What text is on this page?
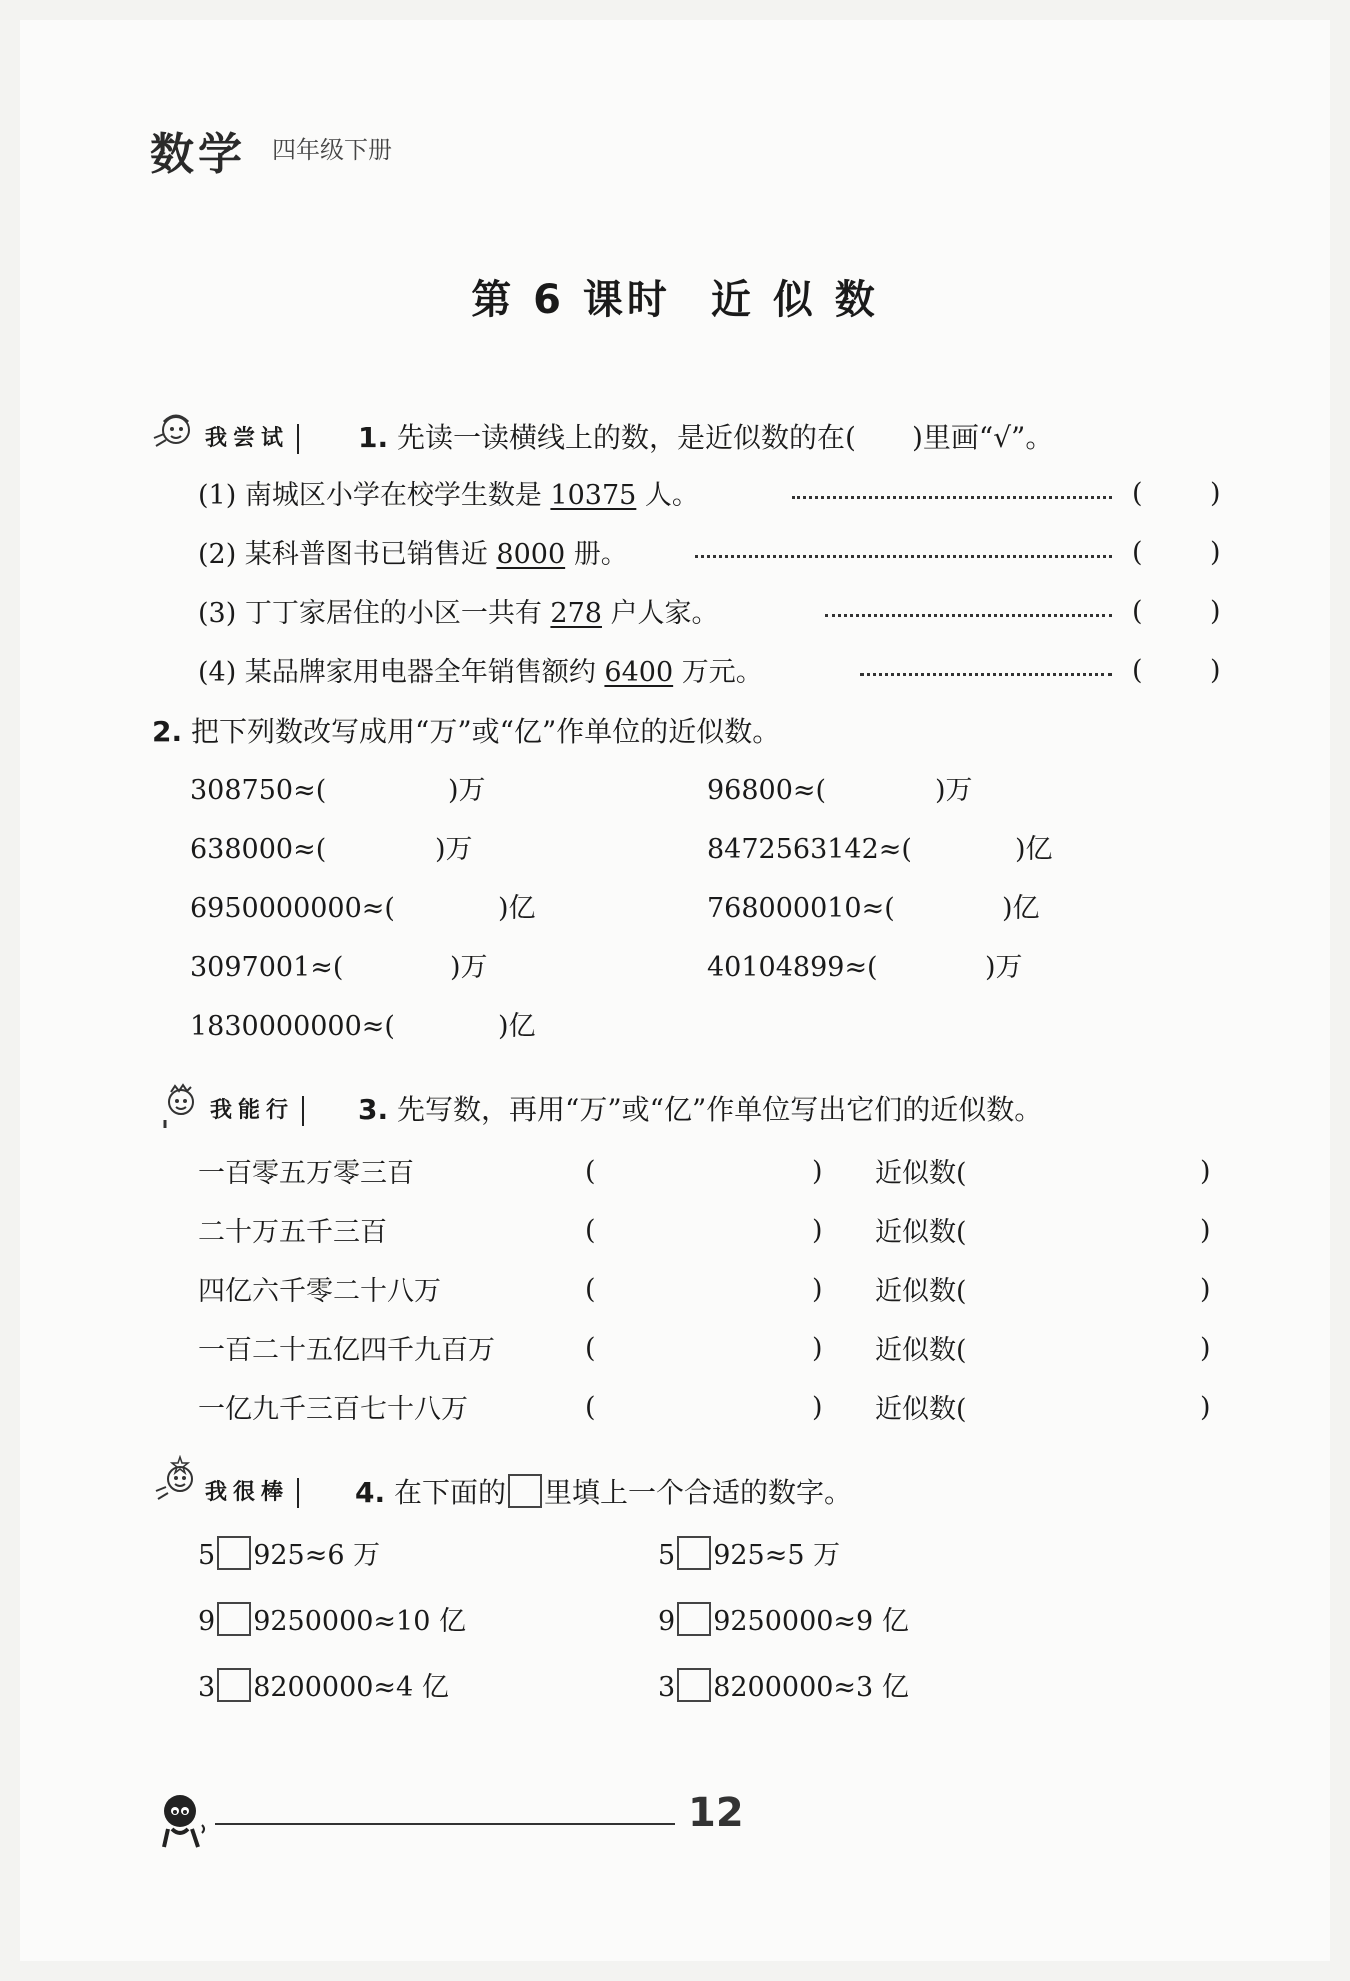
数学 四年级下册
第 6 课时 近 似 数
我尝试	1. 先读一读横线上的数，是近似数的在(　　)里画“√”。
(1) 南城区小学在校学生数是 10375 人。	( )
(2) 某科普图书已销售近 8000 册。	( )
(3) 丁丁家居住的小区一共有 278 户人家。	( )
(4) 某品牌家用电器全年销售额约 6400 万元。	( )
2. 把下列数改写成用“万”或“亿”作单位的近似数。
308750≈(	)万	96800≈(	)万
638000≈(	)万	8472563142≈(	)亿
6950000000≈(	)亿	768000010≈(	)亿
3097001≈(	)万	40104899≈(	)万
1830000000≈(	)亿
我能行	3. 先写数，再用“万”或“亿”作单位写出它们的近似数。
一百零五万零三百	(	) 近似数(	)
二十万五千三百	(	) 近似数(	)
四亿六千零二十八万	(	) 近似数(	)
一百二十五亿四千九百万	(	) 近似数(	)
一亿九千三百七十八万	(	) 近似数(	)
我很棒	4. 在下面的 里填上一个合适的数字。
5 925≈6 万	5 925≈5 万
9 9250000≈10 亿	9 9250000≈9 亿
3 8200000≈4 亿	3 8200000≈3 亿
12
